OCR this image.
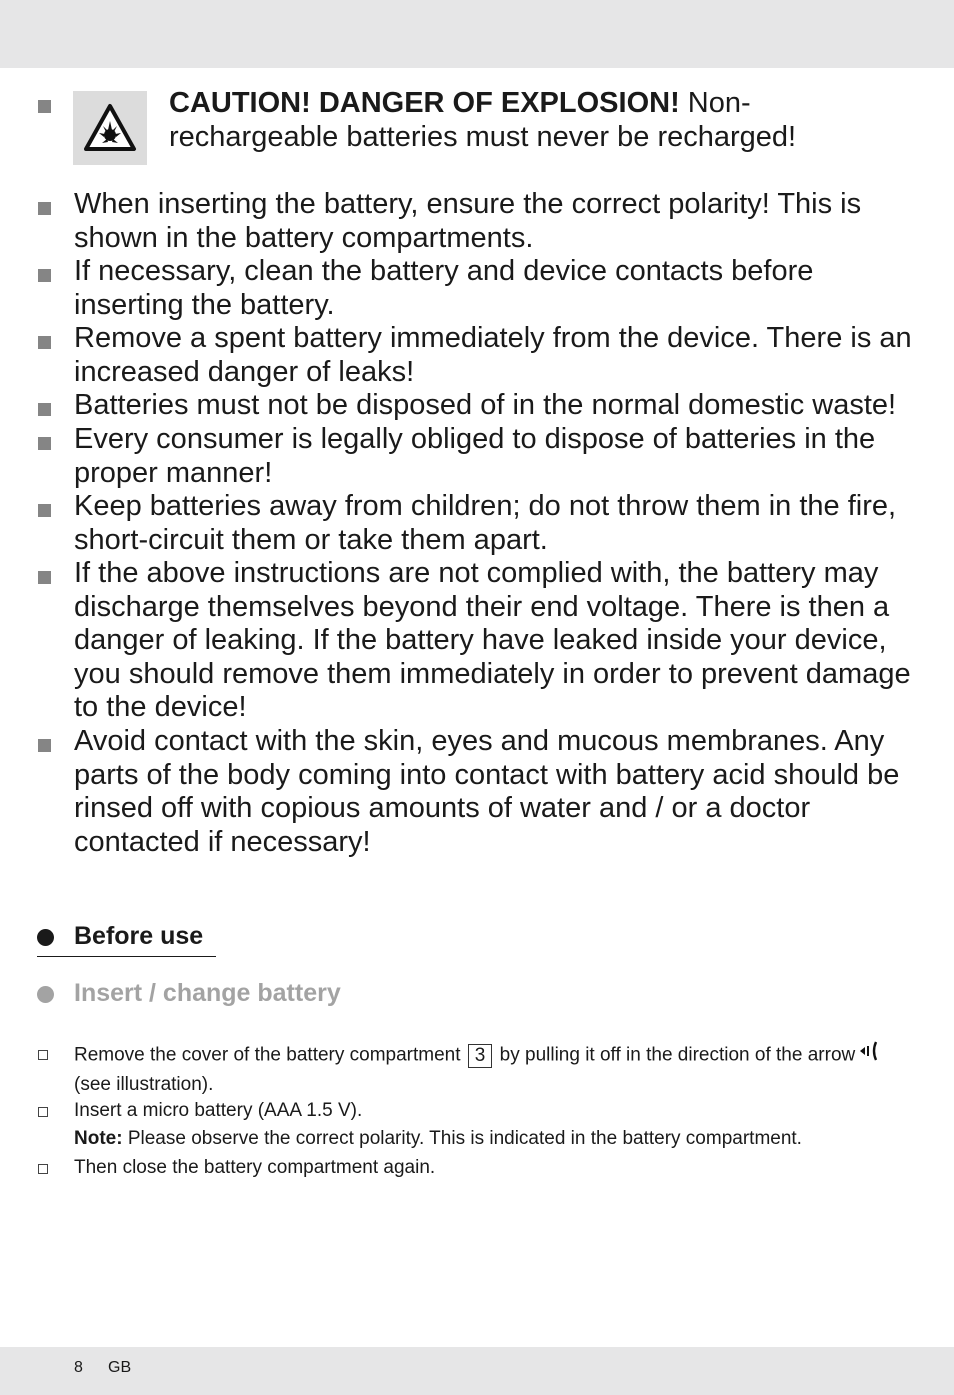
CAUTION! DANGER OF EXPLOSION! Non-
rechargeable batteries must never be recharged!
When inserting the battery, ensure the correct polarity! This is
shown in the battery compartments.
If necessary, clean the battery and device contacts before
inserting the battery.
Remove a spent battery immediately from the device. There is an
increased danger of leaks!
Batteries must not be disposed of in the normal domestic waste!
Every consumer is legally obliged to dispose of batteries in the
proper manner!
Keep batteries away from children; do not throw them in the fire,
short-circuit them or take them apart.
If the above instructions are not complied with, the battery may
discharge themselves beyond their end voltage. There is then a
danger of leaking. If the battery have leaked inside your device,
you should remove them immediately in order to prevent damage
to the device!
Avoid contact with the skin, eyes and mucous membranes. Any
parts of the body coming into contact with battery acid should be
rinsed off with copious amounts of water and / or a doctor
contacted if necessary!
Before use
Insert / change battery
Remove the cover of the battery compartment 3 by pulling it off in the direction of the arrow
(see illustration).
Insert a micro battery (AAA 1.5 V).
Note: Please observe the correct polarity. This is indicated in the battery compartment.
Then close the battery compartment again.
8 GB
